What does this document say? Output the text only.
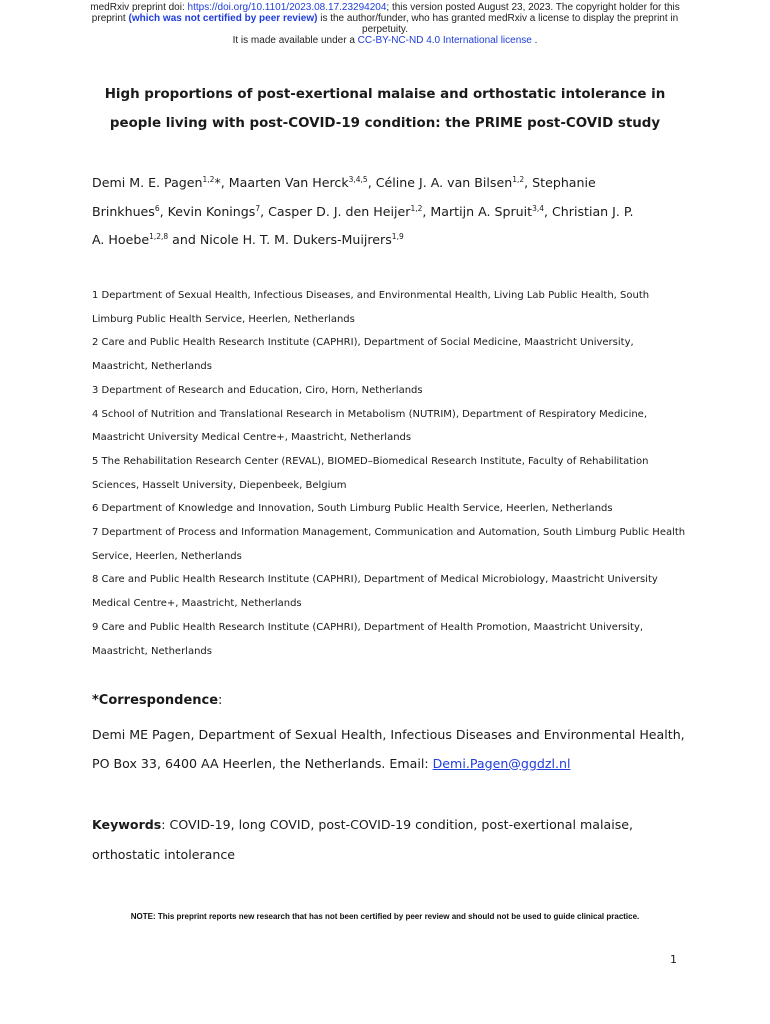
medRxiv preprint doi: https://doi.org/10.1101/2023.08.17.23294204; this version posted August 23, 2023. The copyright holder for this
preprint (which was not certified by peer review) is the author/funder, who has granted medRxiv a license to display the preprint in
perpetuity.
It is made available under a CC-BY-NC-ND 4.0 International license .
High proportions of post-exertional malaise and orthostatic intolerance in
people living with post-COVID-19 condition: the PRIME post-COVID study
Demi M. E. Pagen$^{1,2}$*, Maarten Van Herck$^{3,4,5}$, Céline J. A. van Bilsen$^{1,2}$, Stephanie
Brinkhues$^6$, Kevin Konings$^7$, Casper D. J. den Heijer$^{1,2}$, Martijn A. Spruit$^{3,4}$, Christian J. P.
A. Hoebe$^{1,2,8}$ and Nicole H. T. M. Dukers-Muijrers$^{1,9}$

1 Department of Sexual Health, Infectious Diseases, and Environmental Health, Living Lab Public Health, South Limburg Public Health Service, Heerlen, Netherlands

2 Care and Public Health Research Institute (CAPHRI), Department of Social Medicine, Maastricht University, Maastricht, Netherlands

3 Department of Research and Education, Ciro, Horn, Netherlands

4 School of Nutrition and Translational Research in Metabolism (NUTRIM), Department of Respiratory Medicine, Maastricht University Medical Centre+, Maastricht, Netherlands

5 The Rehabilitation Research Center (REVAL), BIOMED–Biomedical Research Institute, Faculty of Rehabilitation Sciences, Hasselt University, Diepenbeek, Belgium

6 Department of Knowledge and Innovation, South Limburg Public Health Service, Heerlen, Netherlands

7 Department of Process and Information Management, Communication and Automation, South Limburg Public Health Service, Heerlen, Netherlands

8 Care and Public Health Research Institute (CAPHRI), Department of Medical Microbiology, Maastricht University Medical Centre+, Maastricht, Netherlands

9 Care and Public Health Research Institute (CAPHRI), Department of Health Promotion, Maastricht University, Maastricht, Netherlands

*Correspondence:
Demi ME Pagen, Department of Sexual Health, Infectious Diseases and Environmental Health, PO Box 33, 6400 AA Heerlen, the Netherlands. Email: Demi.Pagen@ggdzl.nl
Keywords: COVID-19, long COVID, post-COVID-19 condition, post-exertional malaise, orthostatic intolerance
NOTE: This preprint reports new research that has not been certified by peer review and should not be used to guide clinical practice.
1
